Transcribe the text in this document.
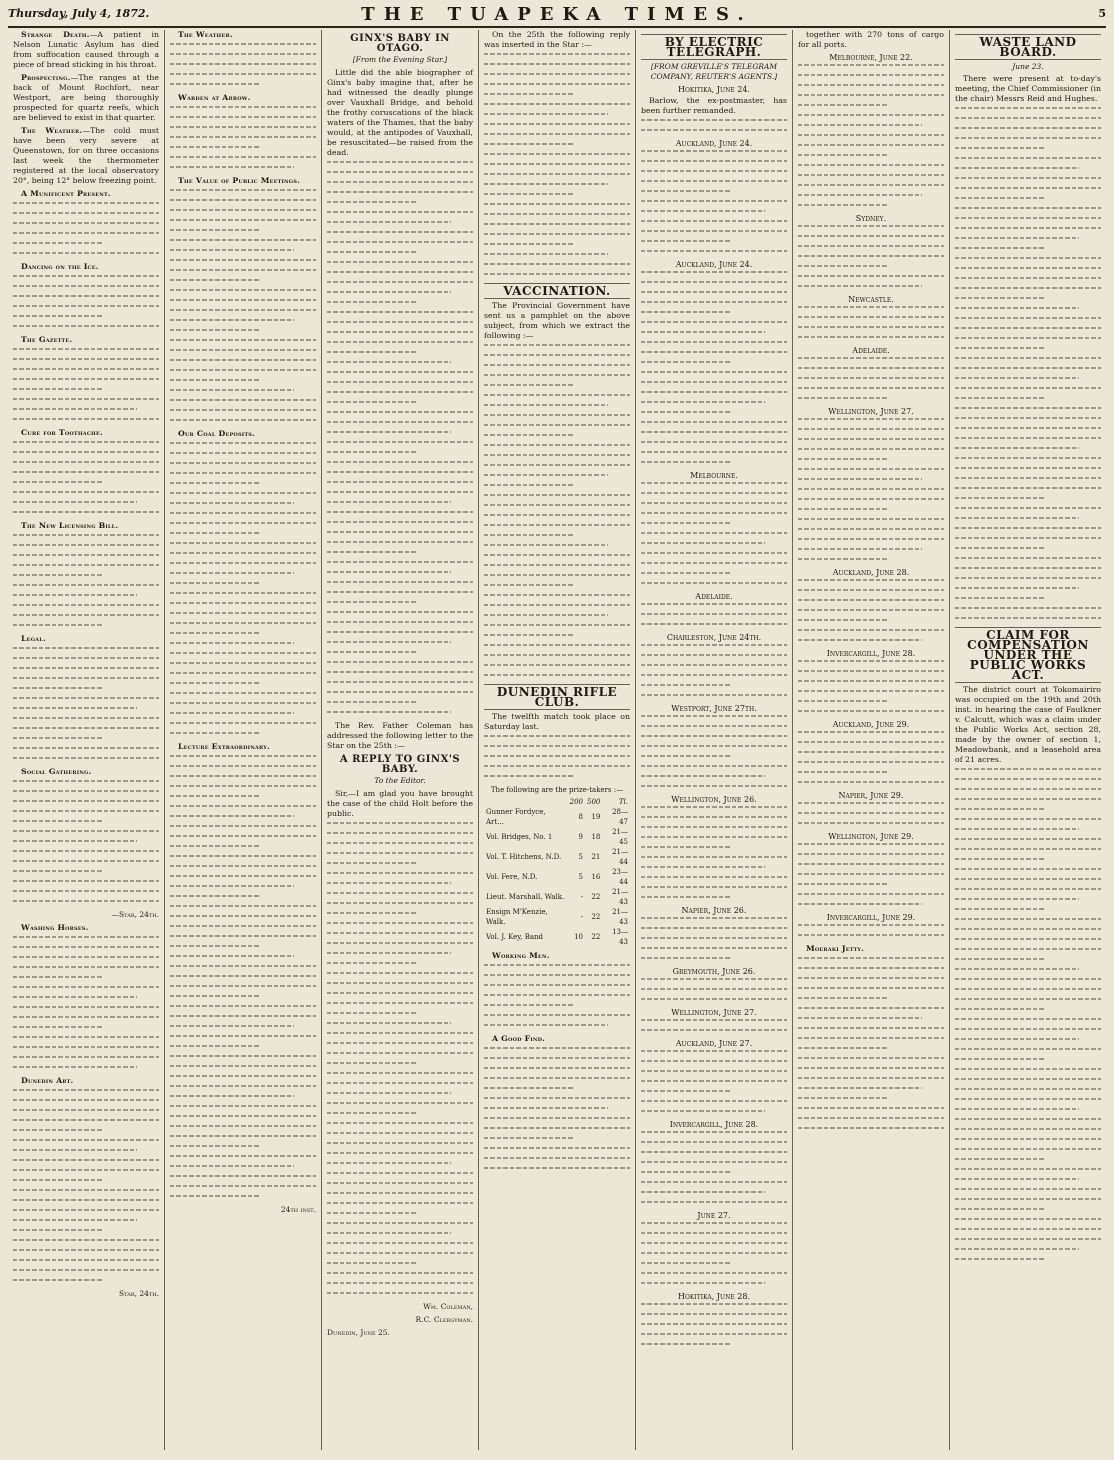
Thursday, July 4, 1872.	THE TUAPEKA TIMES.	5

Strange Death.—A patient in Nelson Lunatic Asylum has died from suffocation caused through a piece of bread sticking in his throat.

Prospecting.—The ranges at the back of Mount Rochfort, near Westport, are being thoroughly prospected for quartz reefs, which are believed to exist in that quarter.

The Weather.—The cold must have been very severe at Queenstown, for on three occasions last week the thermometer registered at the local observatory 20°, being 12° below freezing point.

A Munificent Present.

Dancing on the Ice.

The Gazette.

Cure for Toothache.

The New Licensing Bill.

Legal.

Social Gathering.

—Star, 24th.

Washing Horses.

Dunedin Art.

Star, 24th.

The Weather.

Warden at Arrow.

The Value of Public Meetings.

Our Coal Deposits.

Lecture Extraordinary.

24th inst.
GINX'S BABY IN OTAGO.
[From the Evening Star.]

Little did the able biographer of Ginx's baby imagine that, after he had witnessed the deadly plunge over Vauxhall Bridge, and behold the frothy coruscations of the black waters of the Thames, that the baby would, at the antipodes of Vauxhall, be resuscitated—be raised from the dead.

The Rev. Father Coleman has addressed the following letter to the Star on the 25th :—

A REPLY TO GINX'S BABY.
To the Editor.

Sir,—I am glad you have brought the case of the child Holt before the public.

Wm. Coleman,
R.C. Clergyman.
Dunedin, June 25.

On the 25th the following reply was inserted in the Star :—

VACCINATION.

The Provincial Government have sent us a pamphlet on the above subject, from which we extract the following :—

DUNEDIN RIFLE CLUB.

The twelfth match took place on Saturday last.

The following are the prize-takers :—
	200	500	Tl.
Gunner Fordyce, Art...	8	19	28—47
Vol. Bridges, No. 1	9	18	21—45
Vol. T. Hitchens, N.D.	5	21	21—44
Vol. Fere, N.D.	5	16	23—44
Lieut. Marshall, Walk.	-	22	21—43
Ensign M'Kenzie, Walk.	-	22	21—43
Vol. J. Key, Band	10	22	13—43

Working Men.

A Good Find.

BY ELECTRIC TELEGRAPH.
[FROM GREVILLE'S TELEGRAM COMPANY, REUTER'S AGENTS.]
Hokitika, June 24.

Barlow, the ex-postmaster, has been further remanded.

Auckland, June 24.
Auckland, June 24.
Melbourne.
Adelaide.
Charleston, June 24th.
Westport, June 27th.
Wellington, June 26.
Napier, June 26.
Greymouth, June 26.
Wellington, June 27.
Auckland, June 27.
Invercargill, June 28.
June 27.
Hokitika, June 28.

together with 270 tons of cargo for all ports.

Melbourne, June 22.
Sydney.
Newcastle.
Adelaide.
Wellington, June 27.
Auckland, June 28.
Invercargill, June 28.
Auckland, June 29.
Napier, June 29.
Wellington, June 29.
Invercargill, June 29.

Moeraki Jetty.

WASTE LAND BOARD.
June 23.

There were present at to-day's meeting, the Chief Commissioner (in the chair) Messrs Reid and Hughes.

CLAIM FOR COMPENSATION UNDER THE PUBLIC WORKS ACT.

The district court at Tokomairiro was occupied on the 19th and 20th inst. in hearing the case of Faulkner v. Calcutt, which was a claim under the Public Works Act, section 28, made by the owner of section 1, Meadowbank, and a leasehold area of 21 acres.
